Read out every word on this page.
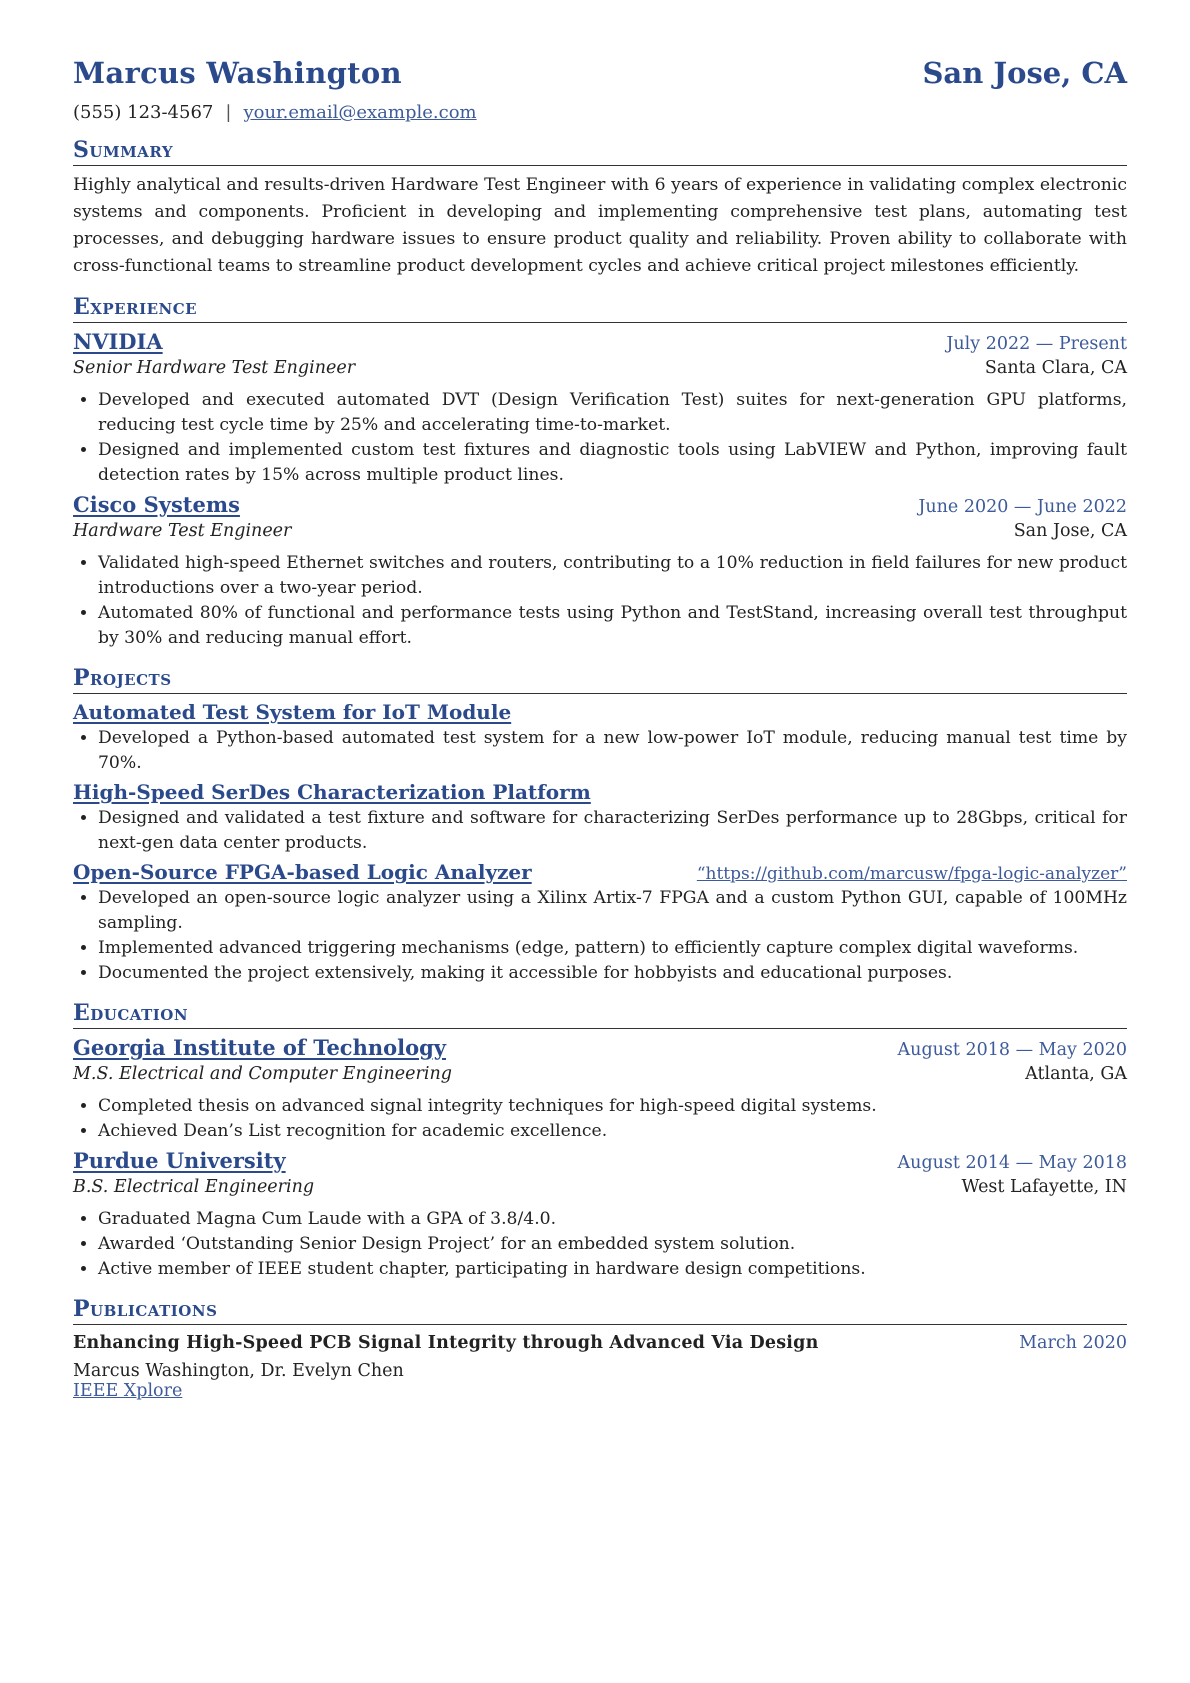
Marcus Washington	San Jose, CA
(555) 123-4567 | your.email@example.com
Summary
Highly analytical and results-driven Hardware Test Engineer with 6 years of experience in validating complex electronic systems and components. Proficient in developing and implementing comprehensive test plans, automating test processes, and debugging hardware issues to ensure product quality and reliability. Proven ability to collaborate with cross-functional teams to streamline product development cycles and achieve critical project milestones efficiently.
Experience
NVIDIA	July 2022 — Present
Senior Hardware Test Engineer	Santa Clara, CA
• Developed and executed automated DVT (Design Verification Test) suites for next-generation GPU platforms, reducing test cycle time by 25% and accelerating time-to-market.
• Designed and implemented custom test fixtures and diagnostic tools using LabVIEW and Python, improving fault detection rates by 15% across multiple product lines.
Cisco Systems	June 2020 — June 2022
Hardware Test Engineer	San Jose, CA
• Validated high-speed Ethernet switches and routers, contributing to a 10% reduction in field failures for new product introductions over a two-year period.
• Automated 80% of functional and performance tests using Python and TestStand, increasing overall test throughput by 30% and reducing manual effort.
Projects
Automated Test System for IoT Module
• Developed a Python-based automated test system for a new low-power IoT module, reducing manual test time by 70%.
High-Speed SerDes Characterization Platform
• Designed and validated a test fixture and software for characterizing SerDes performance up to 28Gbps, critical for next-gen data center products.
Open-Source FPGA-based Logic Analyzer	“https://github.com/marcusw/fpga-logic-analyzer”
• Developed an open-source logic analyzer using a Xilinx Artix-7 FPGA and a custom Python GUI, capable of 100MHz sampling.
• Implemented advanced triggering mechanisms (edge, pattern) to efficiently capture complex digital waveforms.
• Documented the project extensively, making it accessible for hobbyists and educational purposes.
Education
Georgia Institute of Technology	August 2018 — May 2020
M.S. Electrical and Computer Engineering	Atlanta, GA
• Completed thesis on advanced signal integrity techniques for high-speed digital systems.
• Achieved Dean’s List recognition for academic excellence.
Purdue University	August 2014 — May 2018
B.S. Electrical Engineering	West Lafayette, IN
• Graduated Magna Cum Laude with a GPA of 3.8/4.0.
• Awarded ‘Outstanding Senior Design Project’ for an embedded system solution.
• Active member of IEEE student chapter, participating in hardware design competitions.
Publications
Enhancing High-Speed PCB Signal Integrity through Advanced Via Design	March 2020
Marcus Washington, Dr. Evelyn Chen
IEEE Xplore
